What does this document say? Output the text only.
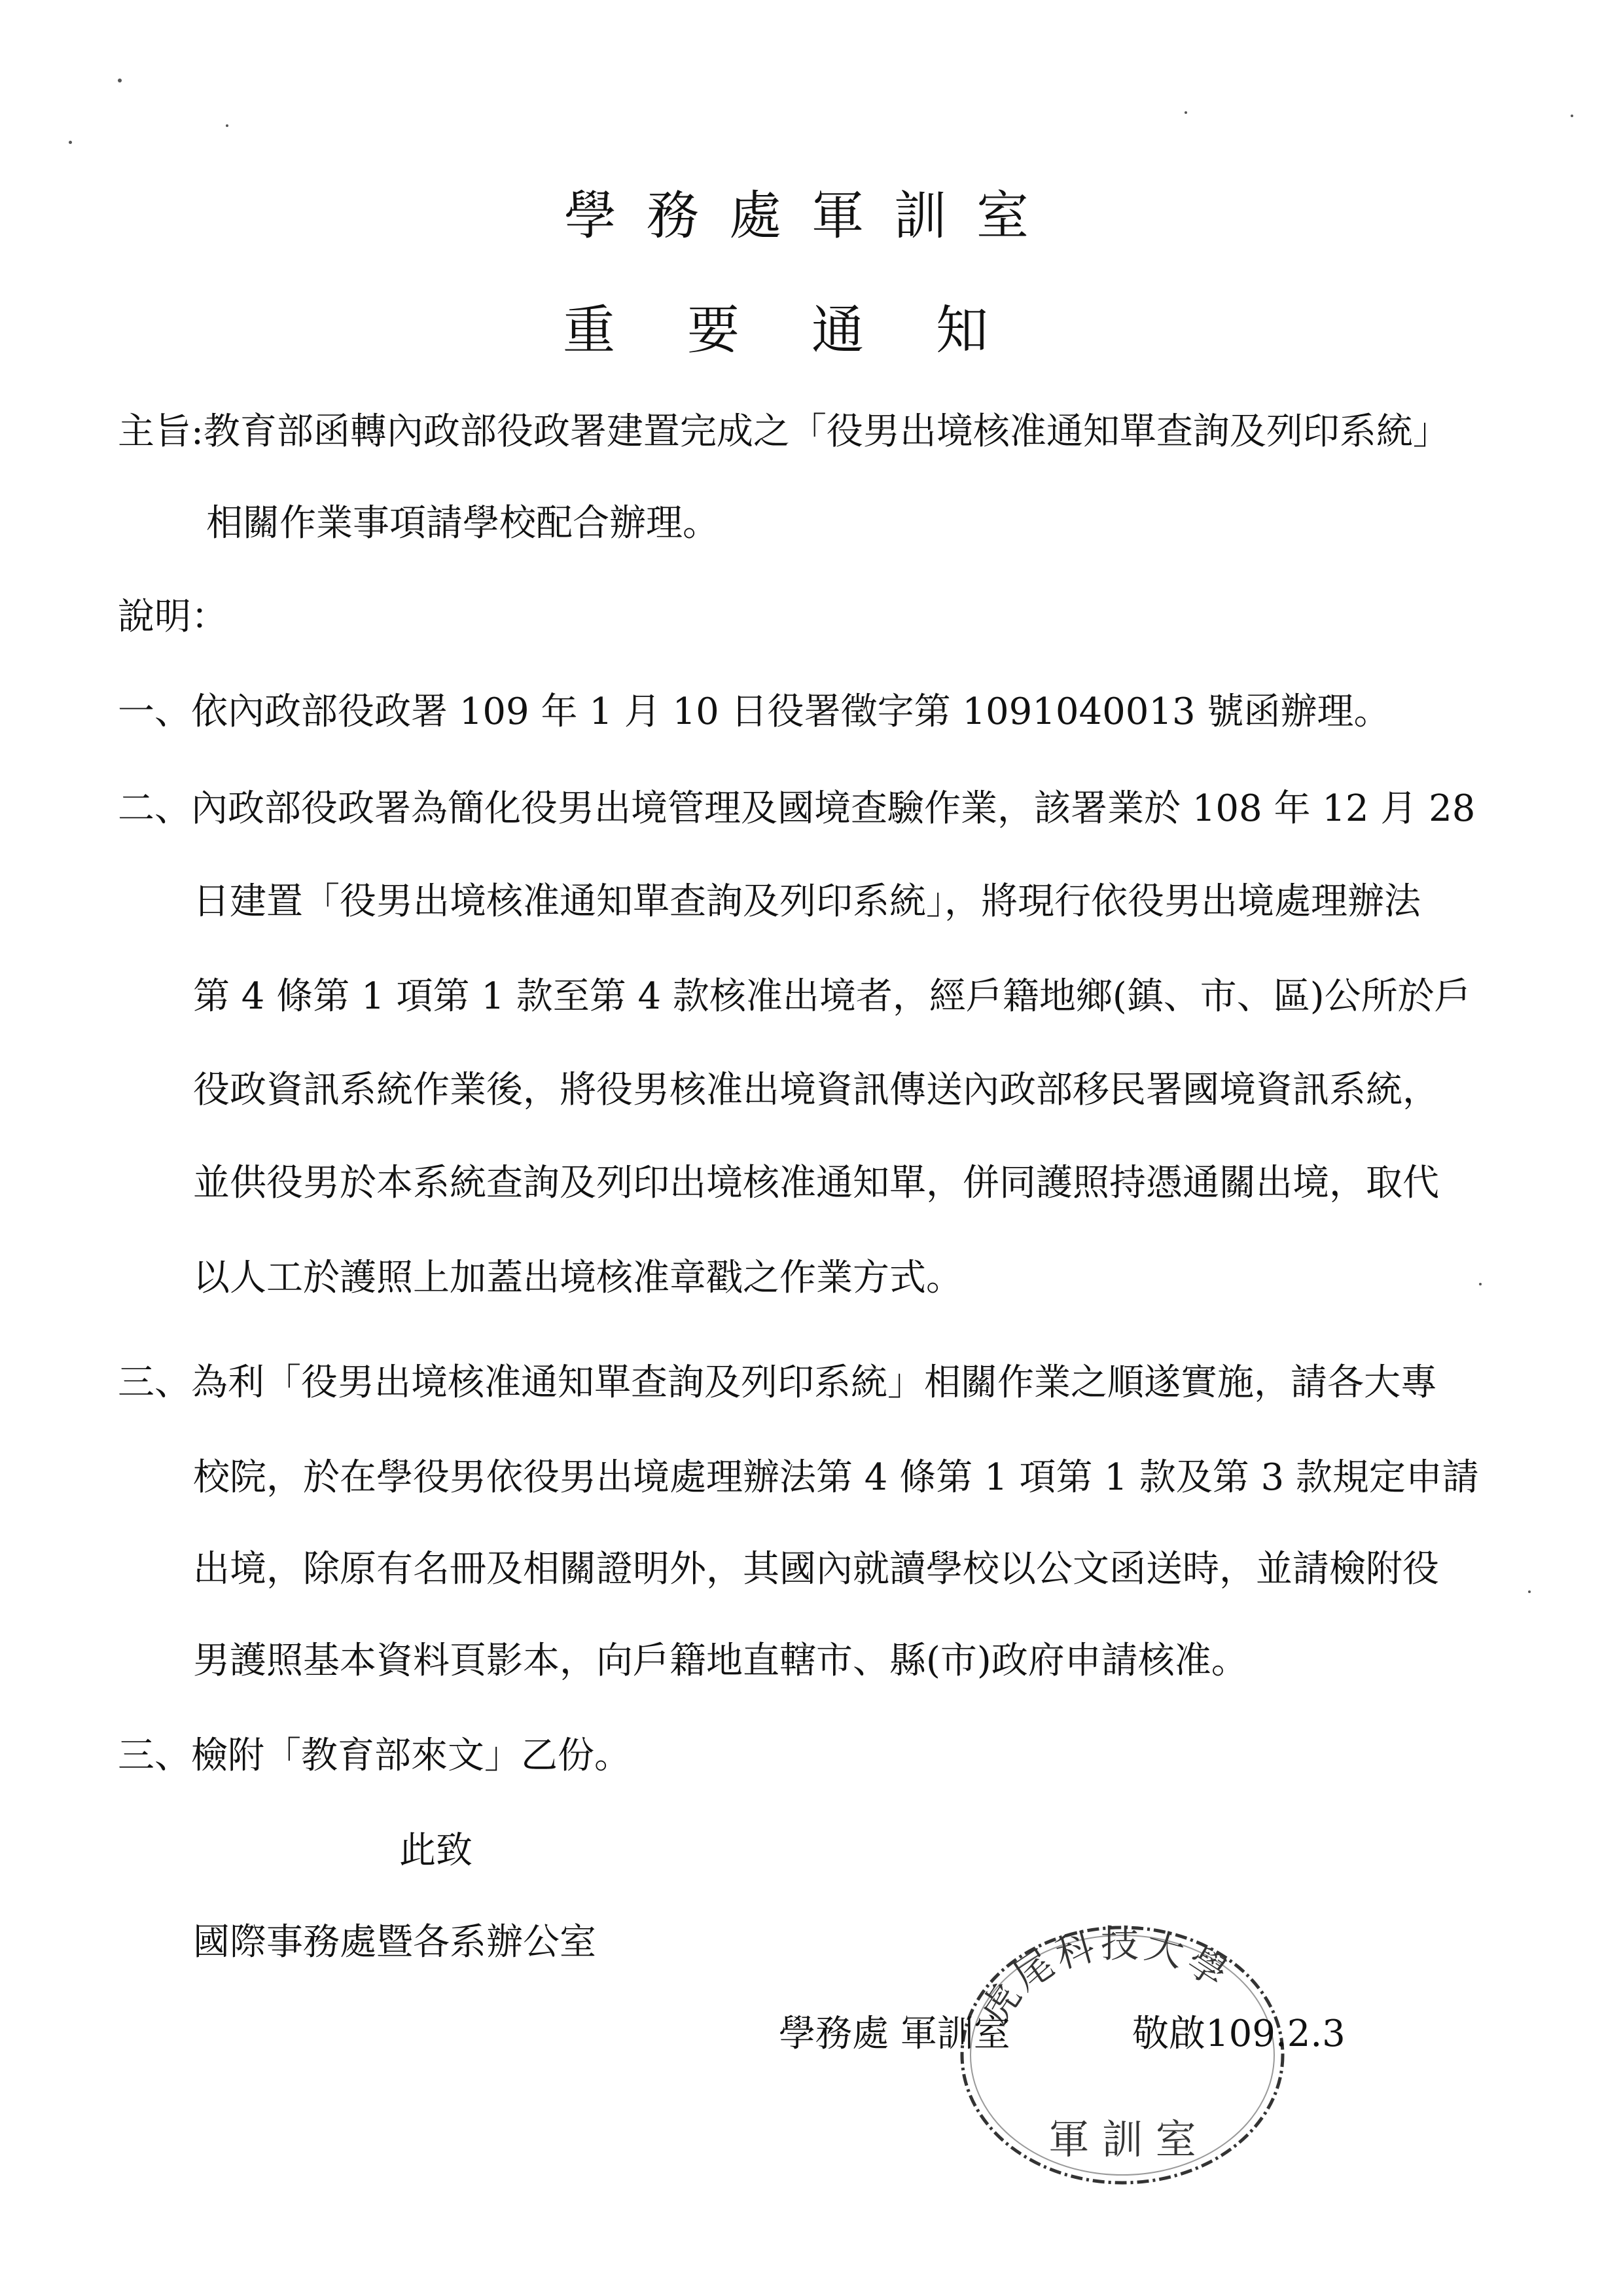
學務處軍訓室
重要通知
主旨:教育部函轉內政部役政署建置完成之「役男出境核准通知單查詢及列印系統」
相關作業事項請學校配合辦理。
說明：
一、依內政部役政署 109 年 1 月 10 日役署徵字第 1091040013 號函辦理。
二、內政部役政署為簡化役男出境管理及國境查驗作業，該署業於 108 年 12 月 28
日建置「役男出境核准通知單查詢及列印系統」，將現行依役男出境處理辦法
第 4 條第 1 項第 1 款至第 4 款核准出境者，經戶籍地鄉(鎮、市、區)公所於戶
役政資訊系統作業後，將役男核准出境資訊傳送內政部移民署國境資訊系統，
並供役男於本系統查詢及列印出境核准通知單，併同護照持憑通關出境，取代
以人工於護照上加蓋出境核准章戳之作業方式。
三、為利「役男出境核准通知單查詢及列印系統」相關作業之順遂實施，請各大專
校院，於在學役男依役男出境處理辦法第 4 條第 1 項第 1 款及第 3 款規定申請
出境，除原有名冊及相關證明外，其國內就讀學校以公文函送時，並請檢附役
男護照基本資料頁影本，向戶籍地直轄市、縣(市)政府申請核准。
三、檢附「教育部來文」乙份。
此致
國際事務處暨各系辦公室
虎尾科技大學
軍 訓 室
學務處 軍訓室	敬啟109.2.3
